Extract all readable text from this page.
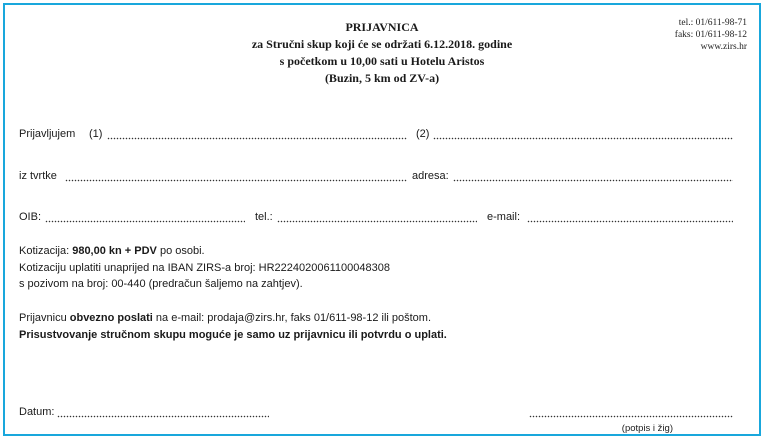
PRIJAVNICA
za Stručni skup koji će se održati 6.12.2018. godine
s početkom u 10,00 sati u Hotelu Aristos
(Buzin, 5 km od ZV-a)
tel.: 01/611-98-71
faks: 01/611-98-12
www.zirs.hr
Prijavljujem (1)	(2)
iz tvrtke	adresa:
OIB:	tel.:	e-mail:
Kotizacija: 980,00 kn + PDV po osobi.
Kotizaciju uplatiti unaprijed na IBAN ZIRS-a broj: HR2224020061100048308
s pozivom na broj: 00-440 (predračun šaljemo na zahtjev).
Prijavnicu obvezno poslati na e-mail: prodaja@zirs.hr, faks 01/611-98-12 ili poštom.
Prisustvovanje stručnom skupu moguće je samo uz prijavnicu ili potvrdu o uplati.
Datum:
(potpis i žig)
